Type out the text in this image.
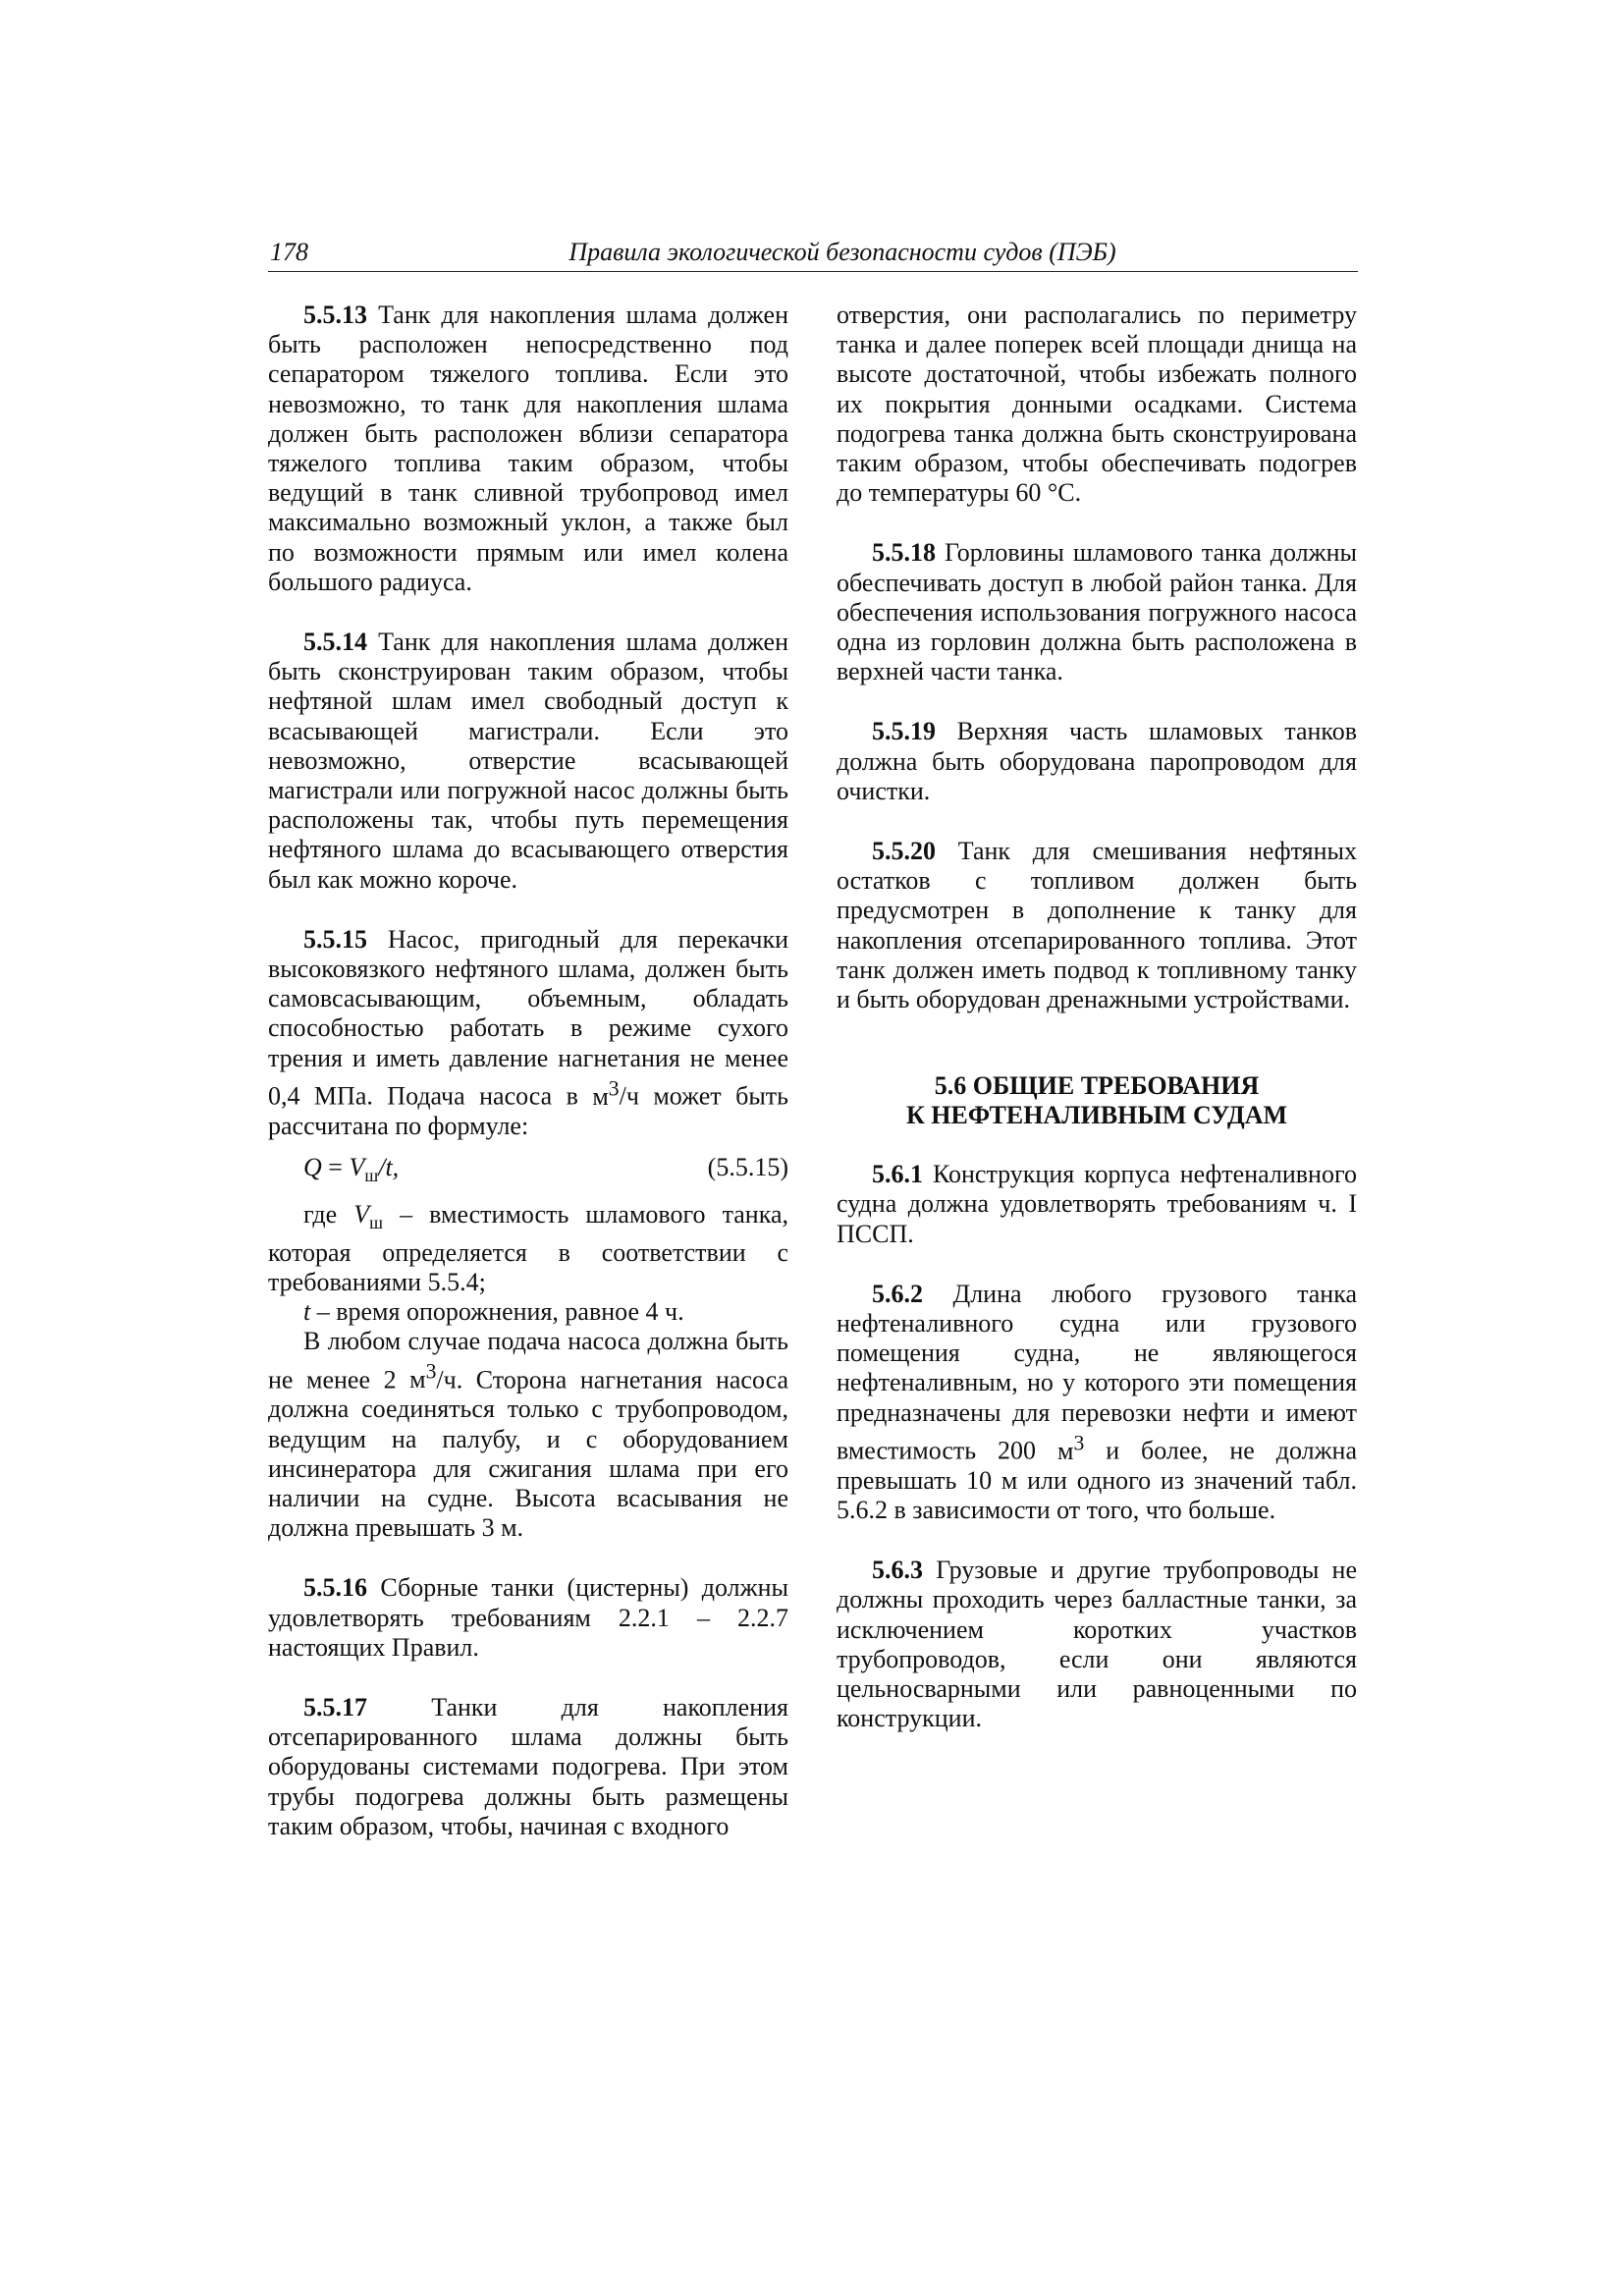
178	Правила экологической безопасности судов (ПЭБ)

5.5.13 Танк для накопления шлама должен быть расположен непосредственно под сепаратором тяжелого топлива. Если это невозможно, то танк для накопления шлама должен быть расположен вблизи сепаратора тяжелого топлива таким образом, чтобы ведущий в танк сливной трубопровод имел максимально возможный уклон, а также был по возможности прямым или имел колена большого радиуса.

5.5.14 Танк для накопления шлама должен быть сконструирован таким образом, чтобы нефтяной шлам имел свободный доступ к всасывающей магистрали. Если это невозможно, отверстие всасывающей магистрали или погружной насос должны быть расположены так, чтобы путь перемещения нефтяного шлама до всасывающего отверстия был как можно короче.

5.5.15 Насос, пригодный для перекачки высоковязкого нефтяного шлама, должен быть самовсасывающим, объемным, обладать способностью работать в режиме сухого трения и иметь давление нагнетания не менее 0,4 МПа. Подача насоса в $м^3/ч$ может быть рассчитана по формуле:

$Q = V_ш/t$,	(5.5.15)

где $V_ш$ – вместимость шламового танка, которая определяется в соответствии с требованиями 5.5.4;

t – время опорожнения, равное 4 ч.

В любом случае подача насоса должна быть не менее 2 $м^3/ч$. Сторона нагнетания насоса должна соединяться только с трубопроводом, ведущим на палубу, и с оборудованием инсинератора для сжигания шлама при его наличии на судне. Высота всасывания не должна превышать 3 м.

5.5.16 Сборные танки (цистерны) должны удовлетворять требованиям 2.2.1 – 2.2.7 настоящих Правил.

5.5.17	Танки для накопления отсепарированного шлама должны быть оборудованы системами подогрева. При этом трубы подогрева должны быть размещены таким образом, чтобы, начиная с входного

отверстия, они располагались по периметру танка и далее поперек всей площади днища на высоте достаточной, чтобы избежать полного их покрытия донными осадками. Система подогрева танка должна быть сконструирована таким образом, чтобы обеспечивать подогрев до температуры 60 °С.

5.5.18 Горловины шламового танка должны обеспечивать доступ в любой район танка. Для обеспечения использования погружного насоса одна из горловин должна быть расположена в верхней части танка.

5.5.19 Верхняя часть шламовых танков должна быть оборудована паропроводом для очистки.

5.5.20 Танк для смешивания нефтяных остатков с топливом должен быть предусмотрен в дополнение к танку для накопления отсепарированного топлива. Этот танк должен иметь подвод к топливному танку и быть оборудован дренажными устройствами.

5.6 ОБЩИЕ ТРЕБОВАНИЯ
К НЕФТЕНАЛИВНЫМ СУДАМ

5.6.1 Конструкция корпуса нефтеналивного судна должна удовлетворять требованиям ч. I ПССП.

5.6.2 Длина любого грузового танка нефтеналивного судна или грузового помещения судна, не являющегося нефтеналивным, но у которого эти помещения предназначены для перевозки нефти и имеют вместимость 200 $м^3$ и более, не должна превышать 10 м или одного из значений табл. 5.6.2 в зависимости от того, что больше.

5.6.3 Грузовые и другие трубопроводы не должны проходить через балластные танки, за исключением коротких участков трубопроводов, если они являются цельносварными или равноценными по конструкции.
